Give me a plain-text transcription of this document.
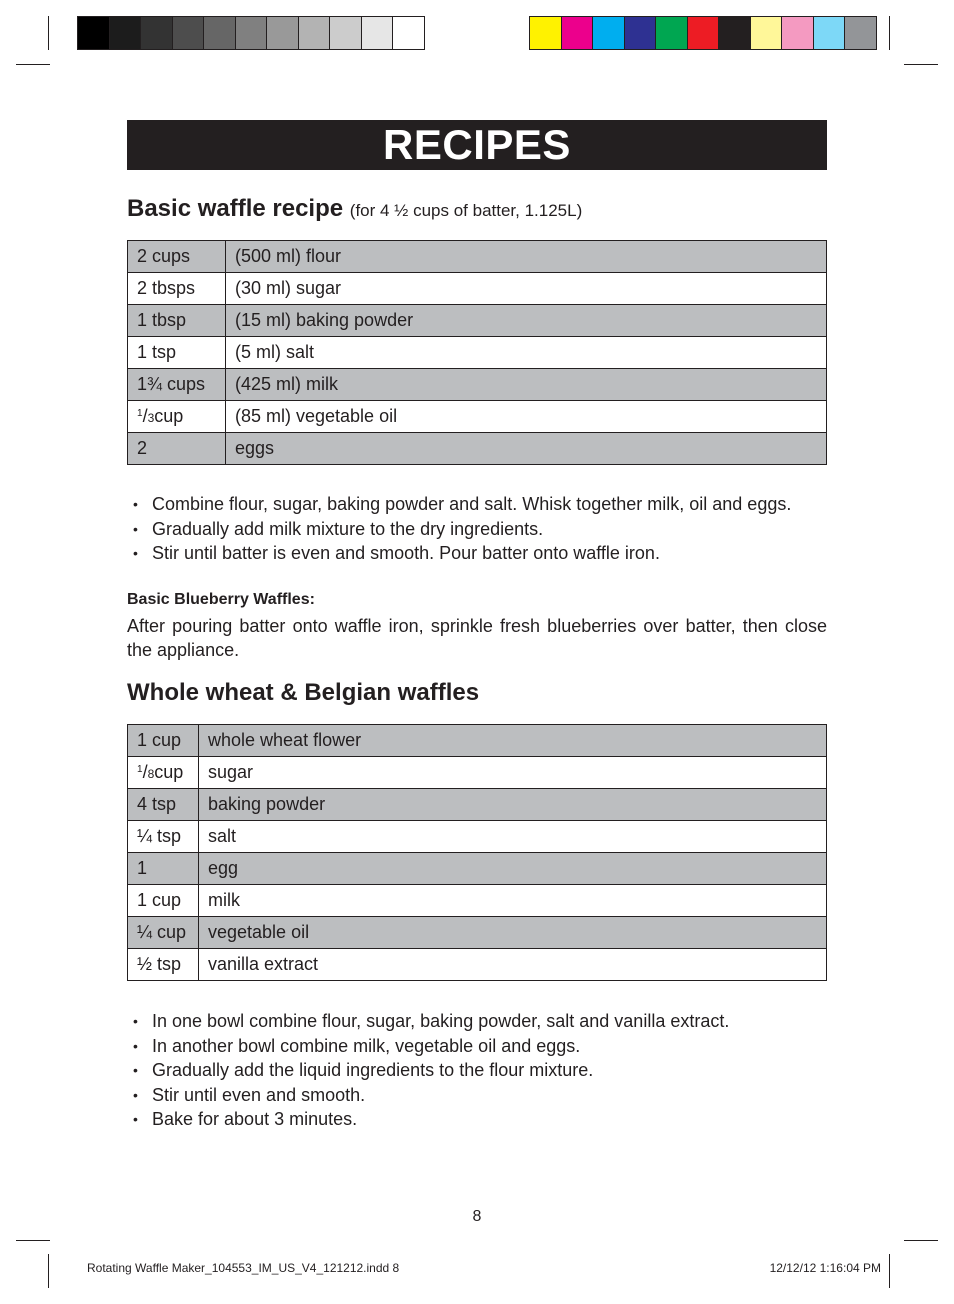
RECIPES
Basic waffle recipe (for 4 ½ cups of batter, 1.125L)
2 cups	(500 ml) flour
2 tbsps	(30 ml) sugar
1 tbsp	(15 ml) baking powder
1 tsp	(5 ml) salt
1¾ cups	(425 ml) milk
$^1$/3cup	(85 ml) vegetable oil
2	eggs
• Combine flour, sugar, baking powder and salt. Whisk together milk, oil and eggs.
• Gradually add milk mixture to the dry ingredients.
• Stir until batter is even and smooth. Pour batter onto waffle iron.
Basic Blueberry Waffles:
After pouring batter onto waffle iron, sprinkle fresh blueberries over batter, then close the appliance.
Whole wheat & Belgian waffles
1 cup	whole wheat flower
$^1$/8cup	sugar
4 tsp	baking powder
¼ tsp	salt
1	egg
1 cup	milk
¼ cup	vegetable oil
½ tsp	vanilla extract
• In one bowl combine flour, sugar, baking powder, salt and vanilla extract.
• In another bowl combine milk, vegetable oil and eggs.
• Gradually add the liquid ingredients to the flour mixture.
• Stir until even and smooth.
• Bake for about 3 minutes.
8
Rotating Waffle Maker_104553_IM_US_V4_121212.indd 8	12/12/12 1:16:04 PM
